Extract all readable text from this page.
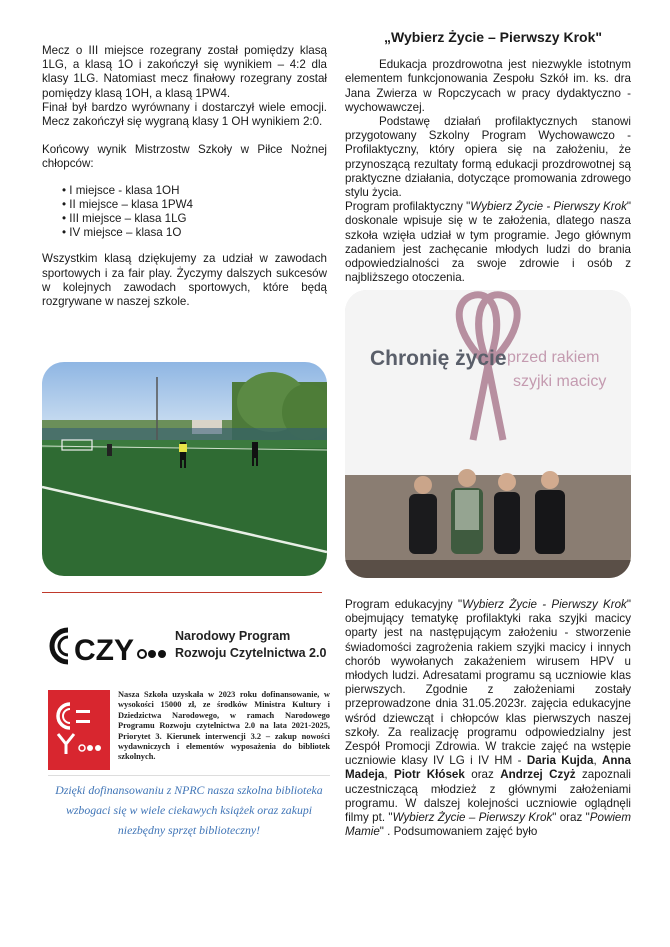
Mecz o III miejsce rozegrany został pomiędzy klasą 1LG, a klasą 1O i zakończył się wynikiem – 4:2 dla klasy 1LG. Natomiast mecz finałowy rozegrany został pomiędzy klasą 1OH, a klasą 1PW4.

Finał był bardzo wyrównany i dostarczył wiele emocji. Mecz zakończył się wygraną klasy 1 OH wynikiem 2:0.

Końcowy wynik Mistrzostw Szkoły w Piłce Nożnej chłopców:

• I miejsce - klasa 1OH
• II miejsce – klasa 1PW4
• III miejsce – klasa 1LG
• IV miejsce – klasa 1O

Wszystkim klasą dziękujemy za udział w zawodach sportowych i za fair play. Życzymy dalszych sukcesów w kolejnych zawodach sportowych, które będą rozgrywane w naszej szkole.

„Wybierz Życie – Pierwszy Krok"

Edukacja prozdrowotna jest niezwykle istotnym elementem funkcjonowania Zespołu Szkół im. ks. dra Jana Zwierza w Ropczycach w pracy dydaktyczno - wychowawczej.

Podstawę działań profilaktycznych stanowi przygotowany Szkolny Program Wychowawczo - Profilaktyczny, który opiera się na założeniu, że przynoszącą rezultaty formą edukacji prozdrowotnej są praktyczne działania, dotyczące promowania zdrowego stylu życia.

Program profilaktyczny "Wybierz Życie - Pierwszy Krok" doskonale wpisuje się w te założenia, dlatego nasza szkoła wzięła udział w tym programie. Jego głównym zadaniem jest zachęcanie młodych ludzi do brania odpowiedzialności za swoje zdrowie i osób z najbliższego otoczenia.

Chronię życie przed rakiem
szyjki macicy

Program edukacyjny "Wybierz Życie - Pierwszy Krok" obejmujący tematykę profilaktyki raka szyjki macicy oparty jest na następującym założeniu - stworzenie świadomości zagrożenia rakiem szyjki macicy i innych chorób wywołanych zakażeniem wirusem HPV u młodych ludzi. Adresatami programu są uczniowie klas pierwszych. Zgodnie z założeniami zostały przeprowadzone dnia 31.05.2023r. zajęcia edukacyjne wśród dziewcząt i chłopców klas pierwszych naszej szkoły. Za realizację programu odpowiedzialny jest Zespół Promocji Zdrowia. W trakcie zajęć na wstępie uczniowie klasy IV LG i IV HM - Daria Kujda, Anna Madeja, Piotr Kłósek oraz Andrzej Czyż zapoznali uczestniczącą młodzież z głównymi założeniami programu. W dalszej kolejności uczniowie oglądnęli filmy pt. "Wybierz Życie – Pierwszy Krok" oraz "Powiem Mamie" . Podsumowaniem zajęć było

CZY	Narodowy Program
Rozwoju Czytelnictwa 2.0
Nasza Szkoła uzyskała w 2023 roku dofinansowanie, w wysokości 15000 zł, ze środków Ministra Kultury i Dziedzictwa Narodowego, w ramach Narodowego Programu Rozwoju czytelnictwa 2.0 na lata 2021-2025, Priorytet 3. Kierunek interwencji 3.2 – zakup nowości wydawniczych i elementów wyposażenia do bibliotek szkolnych.
Dzięki dofinansowaniu z NPRC nasza szkolna biblioteka wzbogaci się w wiele ciekawych książek oraz zakupi niezbędny sprzęt biblioteczny!
